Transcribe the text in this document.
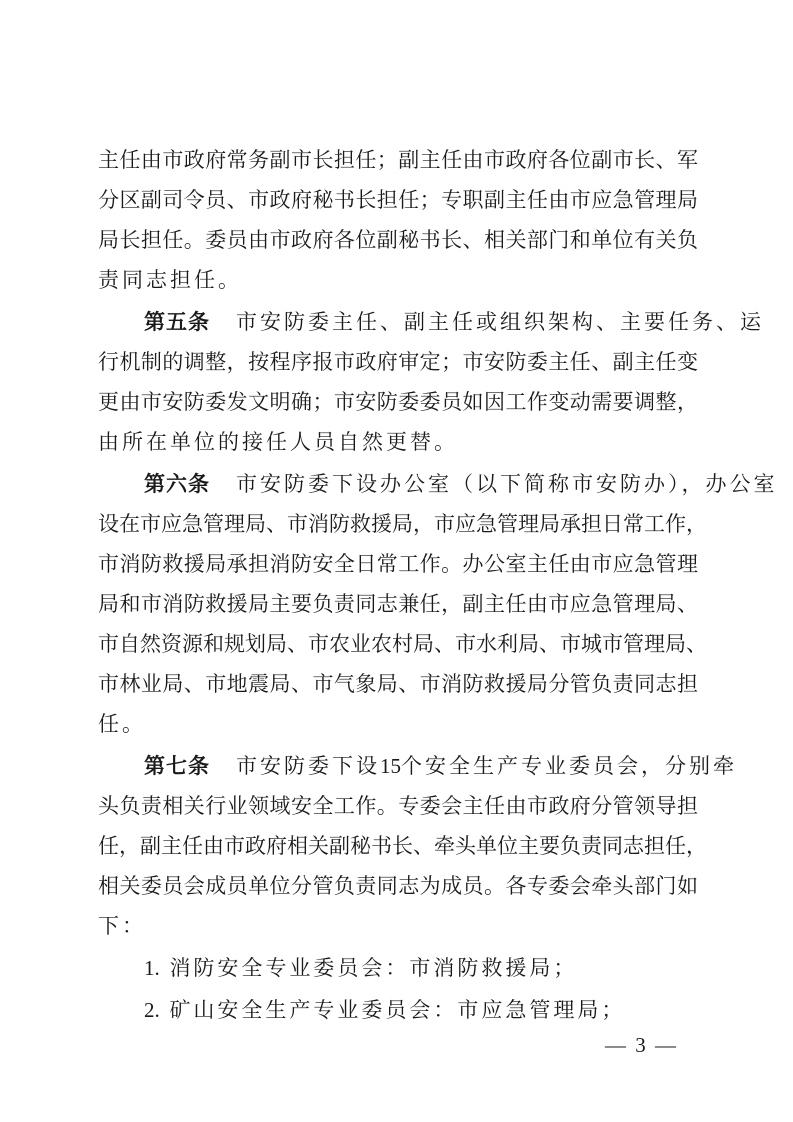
主任由市政府常务副市长担任；副主任由市政府各位副市长、军
分区副司令员、市政府秘书长担任；专职副主任由市应急管理局
局长担任。委员由市政府各位副秘书长、相关部门和单位有关负
责同志担任。
第五条 市安防委主任、副主任或组织架构、主要任务、运
行机制的调整，按程序报市政府审定；市安防委主任、副主任变
更由市安防委发文明确；市安防委委员如因工作变动需要调整，
由所在单位的接任人员自然更替。
第六条 市安防委下设办公室（以下简称市安防办），办公室
设在市应急管理局、市消防救援局，市应急管理局承担日常工作，
市消防救援局承担消防安全日常工作。办公室主任由市应急管理
局和市消防救援局主要负责同志兼任，副主任由市应急管理局、
市自然资源和规划局、市农业农村局、市水利局、市城市管理局、
市林业局、市地震局、市气象局、市消防救援局分管负责同志担
任。
第七条 市安防委下设15个安全生产专业委员会，分别牵
头负责相关行业领域安全工作。专委会主任由市政府分管领导担
任，副主任由市政府相关副秘书长、牵头单位主要负责同志担任，
相关委员会成员单位分管负责同志为成员。各专委会牵头部门如
下：
1. 消防安全专业委员会：市消防救援局；
2. 矿山安全生产专业委员会：市应急管理局；
— 3 —
